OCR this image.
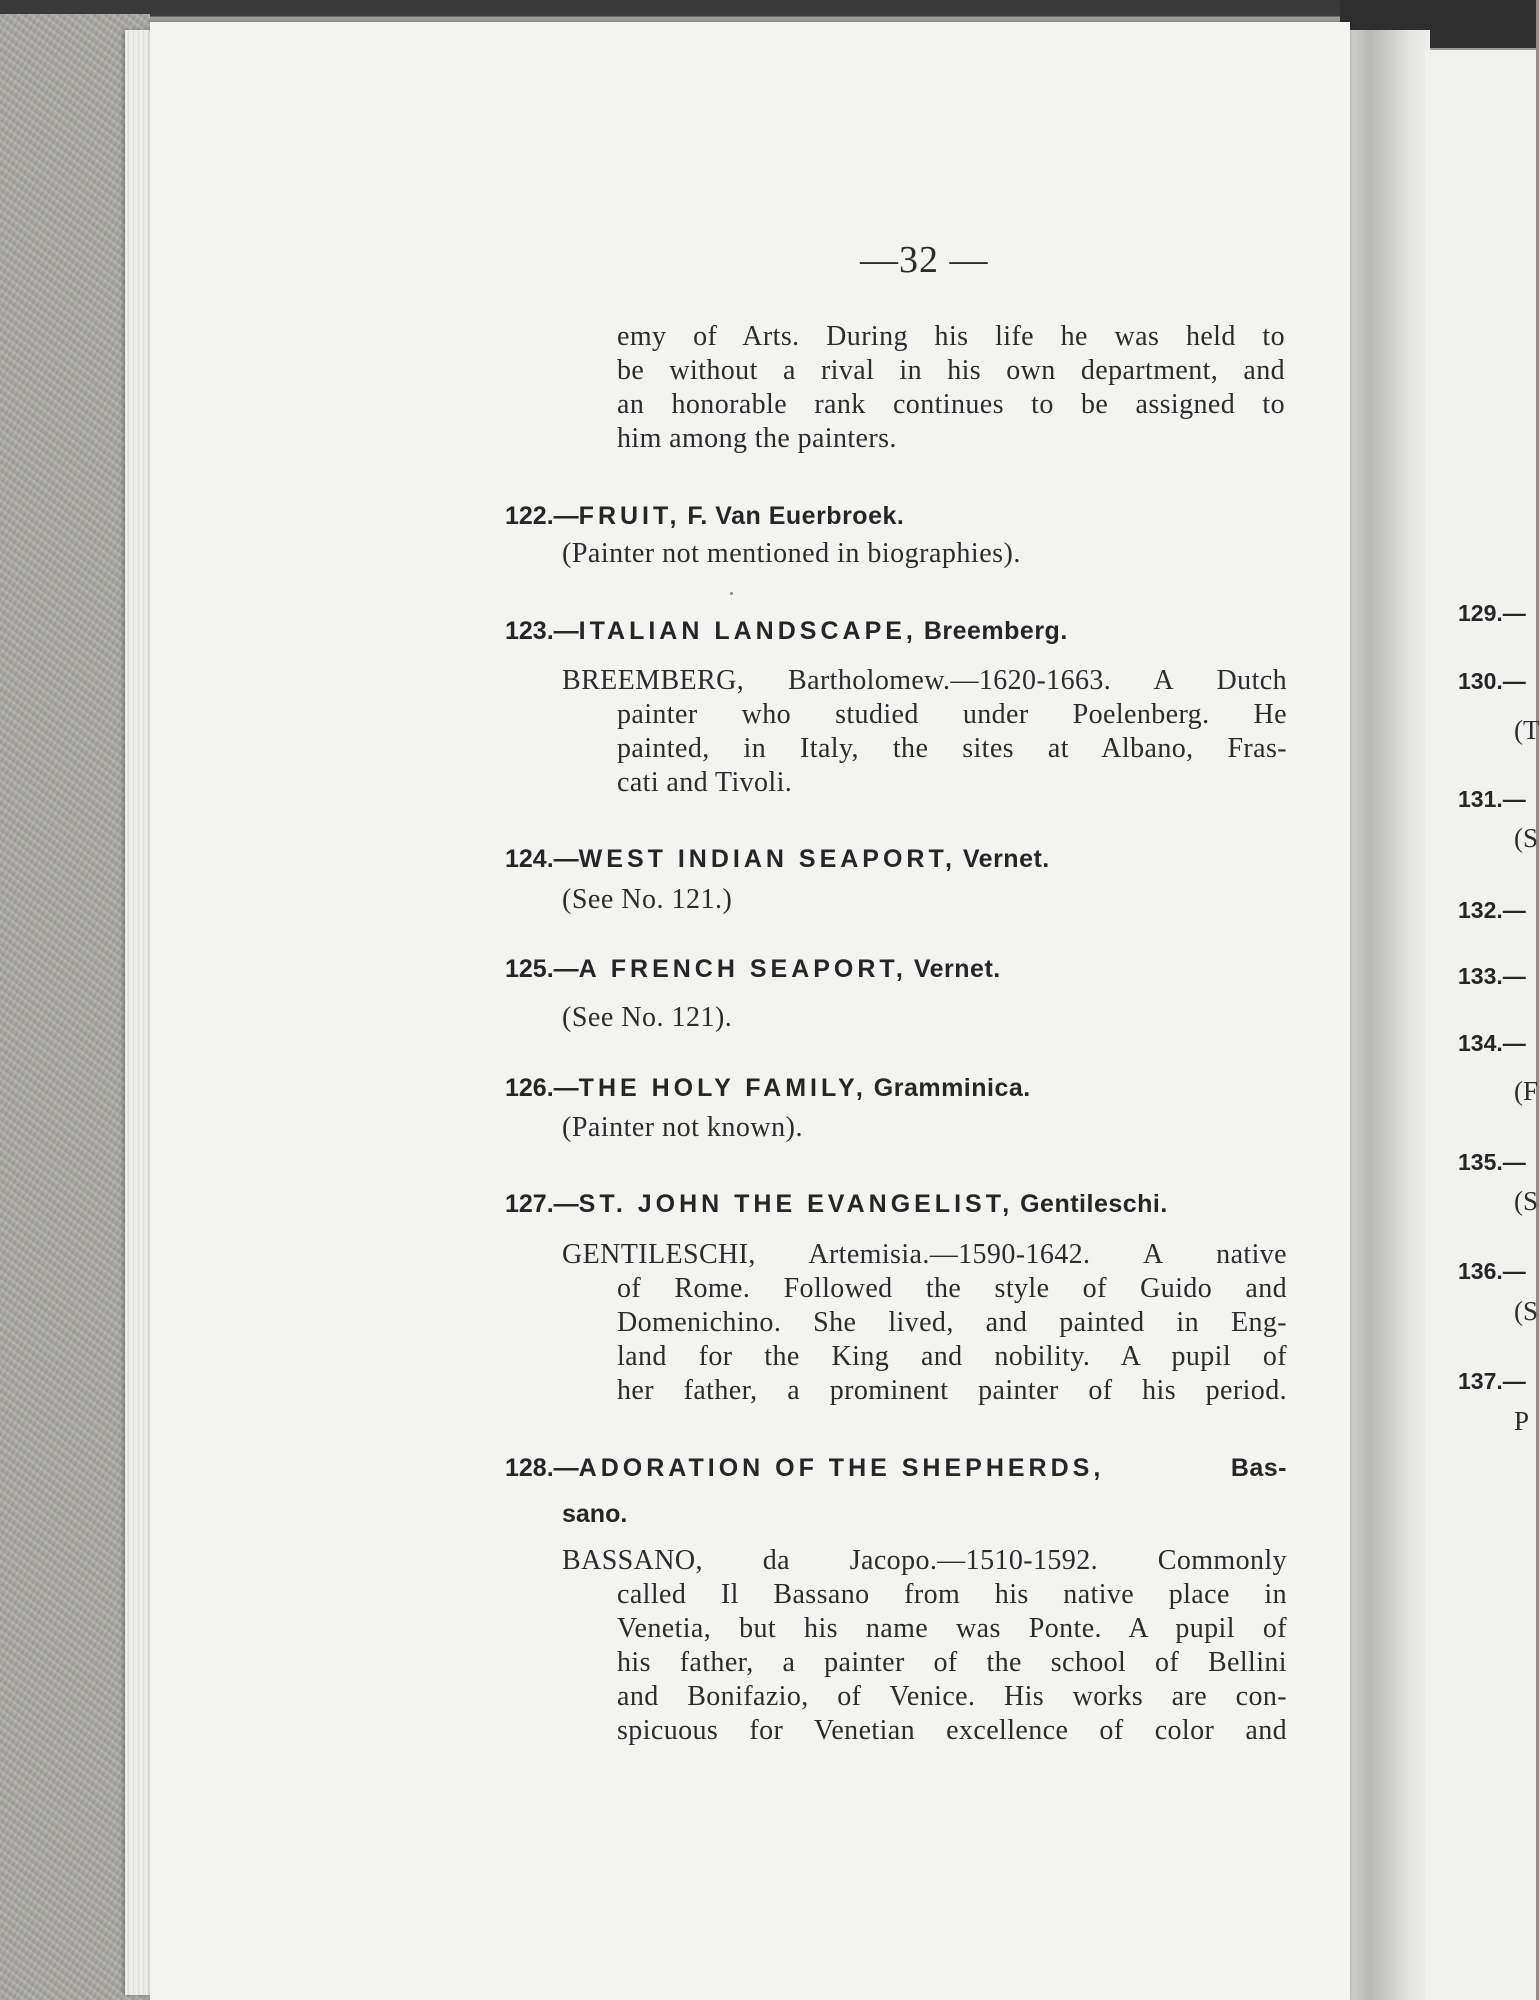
—32 —
emy of Arts. During his life he was held to
be without a rival in his own department, and
an honorable rank continues to be assigned to
him among the painters.
122.—FRUIT, F. Van Euerbroek.
(Painter not mentioned in biographies).
123.—ITALIAN LANDSCAPE, Breemberg.
BREEMBERG, Bartholomew.—1620-1663. A Dutch
painter who studied under Poelenberg. He
painted, in Italy, the sites at Albano, Fras-
cati and Tivoli.
124.—WEST INDIAN SEAPORT, Vernet.
(See No. 121.)
125.—A FRENCH SEAPORT, Vernet.
(See No. 121).
126.—THE HOLY FAMILY, Gramminica.
(Painter not known).
127.—ST. JOHN THE EVANGELIST, Gentileschi.
GENTILESCHI, Artemisia.—1590-1642. A native
of Rome. Followed the style of Guido and
Domenichino. She lived, and painted in Eng-
land for the King and nobility. A pupil of
her father, a prominent painter of his period.
128.—ADORATION OF THE SHEPHERDS,	Bas-
sano.
BASSANO, da Jacopo.—1510-1592. Commonly
called Il Bassano from his native place in
Venetia, but his name was Ponte. A pupil of
his father, a painter of the school of Bellini
and Bonifazio, of Venice. His works are con-
spicuous for Venetian excellence of color and
129.—
130.—
(T
131.—
(S
132.—
133.—
134.—
(F
135.—
(S
136.—
(S
137.—
P
